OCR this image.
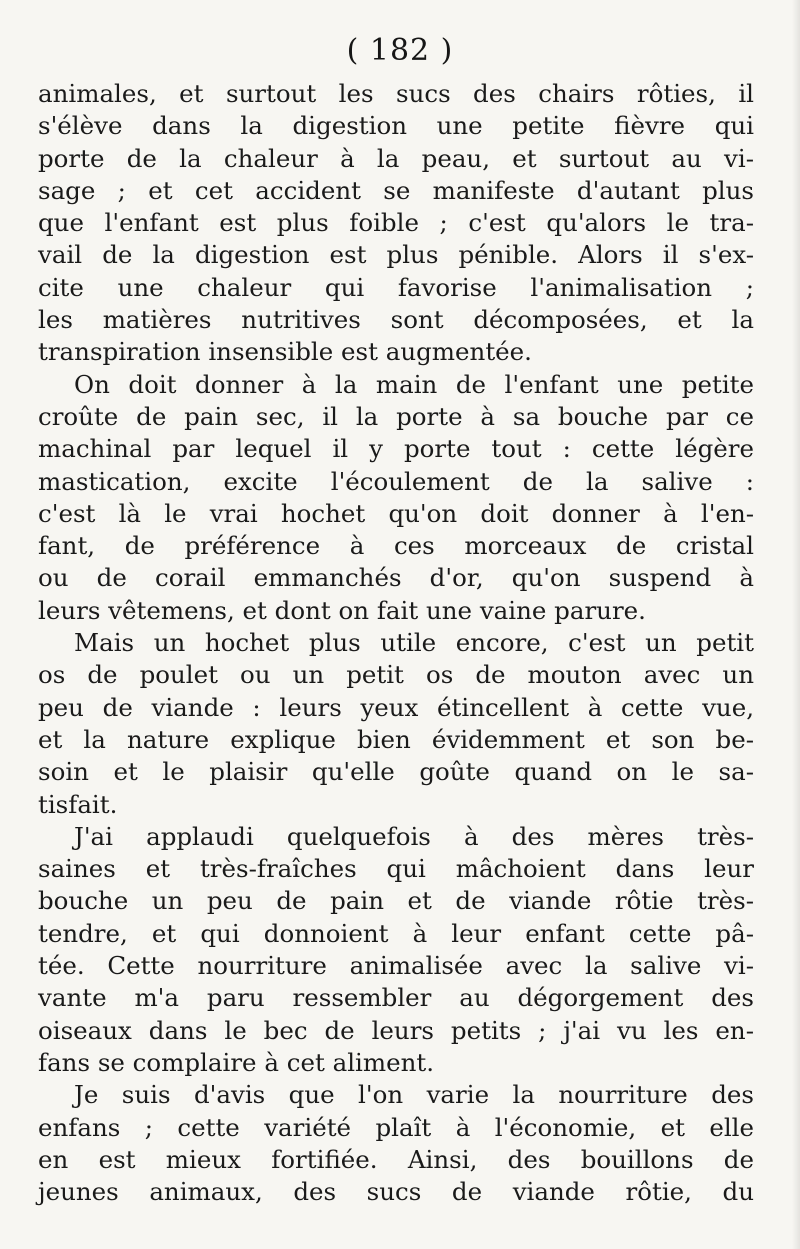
( 182 )
animales, et surtout les sucs des chairs rôties, il
s'élève dans la digestion une petite fièvre qui
porte de la chaleur à la peau, et surtout au vi-
sage ; et cet accident se manifeste d'autant plus
que l'enfant est plus foible ; c'est qu'alors le tra-
vail de la digestion est plus pénible. Alors il s'ex-
cite une chaleur qui favorise l'animalisation ;
les matières nutritives sont décomposées, et la
transpiration insensible est augmentée.
On doit donner à la main de l'enfant une petite
croûte de pain sec, il la porte à sa bouche par ce
machinal par lequel il y porte tout : cette légère
mastication, excite l'écoulement de la salive :
c'est là le vrai hochet qu'on doit donner à l'en-
fant, de préférence à ces morceaux de cristal
ou de corail emmanchés d'or, qu'on suspend à
leurs vêtemens, et dont on fait une vaine parure.
Mais un hochet plus utile encore, c'est un petit
os de poulet ou un petit os de mouton avec un
peu de viande : leurs yeux étincellent à cette vue,
et la nature explique bien évidemment et son be-
soin et le plaisir qu'elle goûte quand on le sa-
tisfait.
J'ai applaudi quelquefois à des mères très-
saines et très-fraîches qui mâchoient dans leur
bouche un peu de pain et de viande rôtie très-
tendre, et qui donnoient à leur enfant cette pâ-
tée. Cette nourriture animalisée avec la salive vi-
vante m'a paru ressembler au dégorgement des
oiseaux dans le bec de leurs petits ; j'ai vu les en-
fans se complaire à cet aliment.
Je suis d'avis que l'on varie la nourriture des
enfans ; cette variété plaît à l'économie, et elle
en est mieux fortifiée. Ainsi, des bouillons de
jeunes animaux, des sucs de viande rôtie, du
